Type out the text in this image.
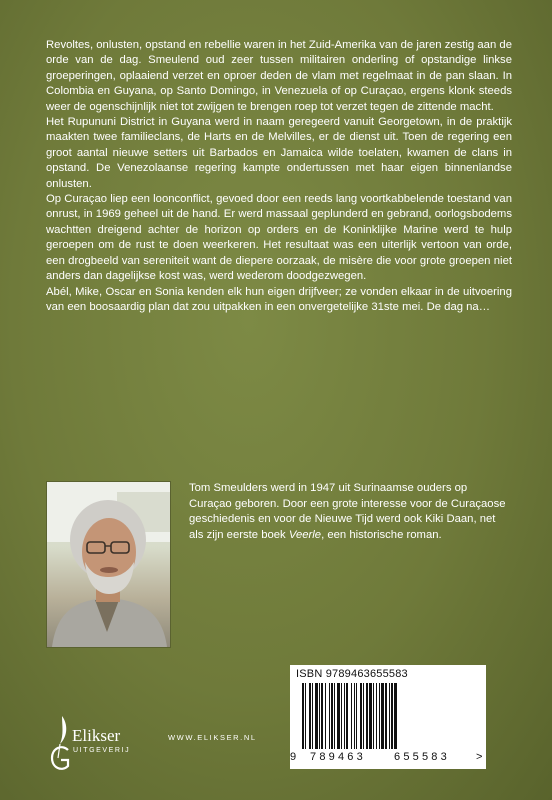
Revoltes, onlusten, opstand en rebellie waren in het Zuid-Amerika van de jaren zestig aan de orde van de dag. Smeulend oud zeer tussen militairen onderling of opstandige linkse groeperingen, oplaaiend verzet en oproer deden de vlam met regelmaat in de pan slaan. In Colombia en Guyana, op Santo Domingo, in Venezuela of op Curaçao, ergens klonk steeds weer de ogenschijnlijk niet tot zwijgen te brengen roep tot verzet tegen de zittende macht.

Het Rupununi District in Guyana werd in naam geregeerd vanuit Georgetown, in de praktijk maakten twee familieclans, de Harts en de Melvilles, er de dienst uit. Toen de regering een groot aantal nieuwe setters uit Barbados en Jamaica wilde toelaten, kwamen de clans in opstand. De Venezolaanse regering kampte ondertussen met haar eigen binnenlandse onlusten.

Op Curaçao liep een loonconflict, gevoed door een reeds lang voortkabbelende toestand van onrust, in 1969 geheel uit de hand. Er werd massaal geplunderd en gebrand, oorlogsbodems wachtten dreigend achter de horizon op orders en de Koninklijke Marine werd te hulp geroepen om de rust te doen weerkeren. Het resultaat was een uiterlijk vertoon van orde, een drogbeeld van sereniteit want de diepere oorzaak, de misère die voor grote groepen niet anders dan dagelijkse kost was, werd wederom doodgezwegen.

Abél, Mike, Oscar en Sonia kenden elk hun eigen drijfveer; ze vonden elkaar in de uitvoering van een boosaardig plan dat zou uitpakken in een onvergetelijke 31ste mei. De dag na…

Tom Smeulders werd in 1947 uit Surinaamse ouders op Curaçao geboren. Door een grote interesse voor de Curaçaose geschiedenis en voor de Nieuwe Tijd werd ook Kiki Daan, net als zijn eerste boek Veerle, een historische roman.
ISBN 9789463655583
9 789463	655583 >
Elikser
UITGEVERIJ
WWW.ELIKSER.NL
